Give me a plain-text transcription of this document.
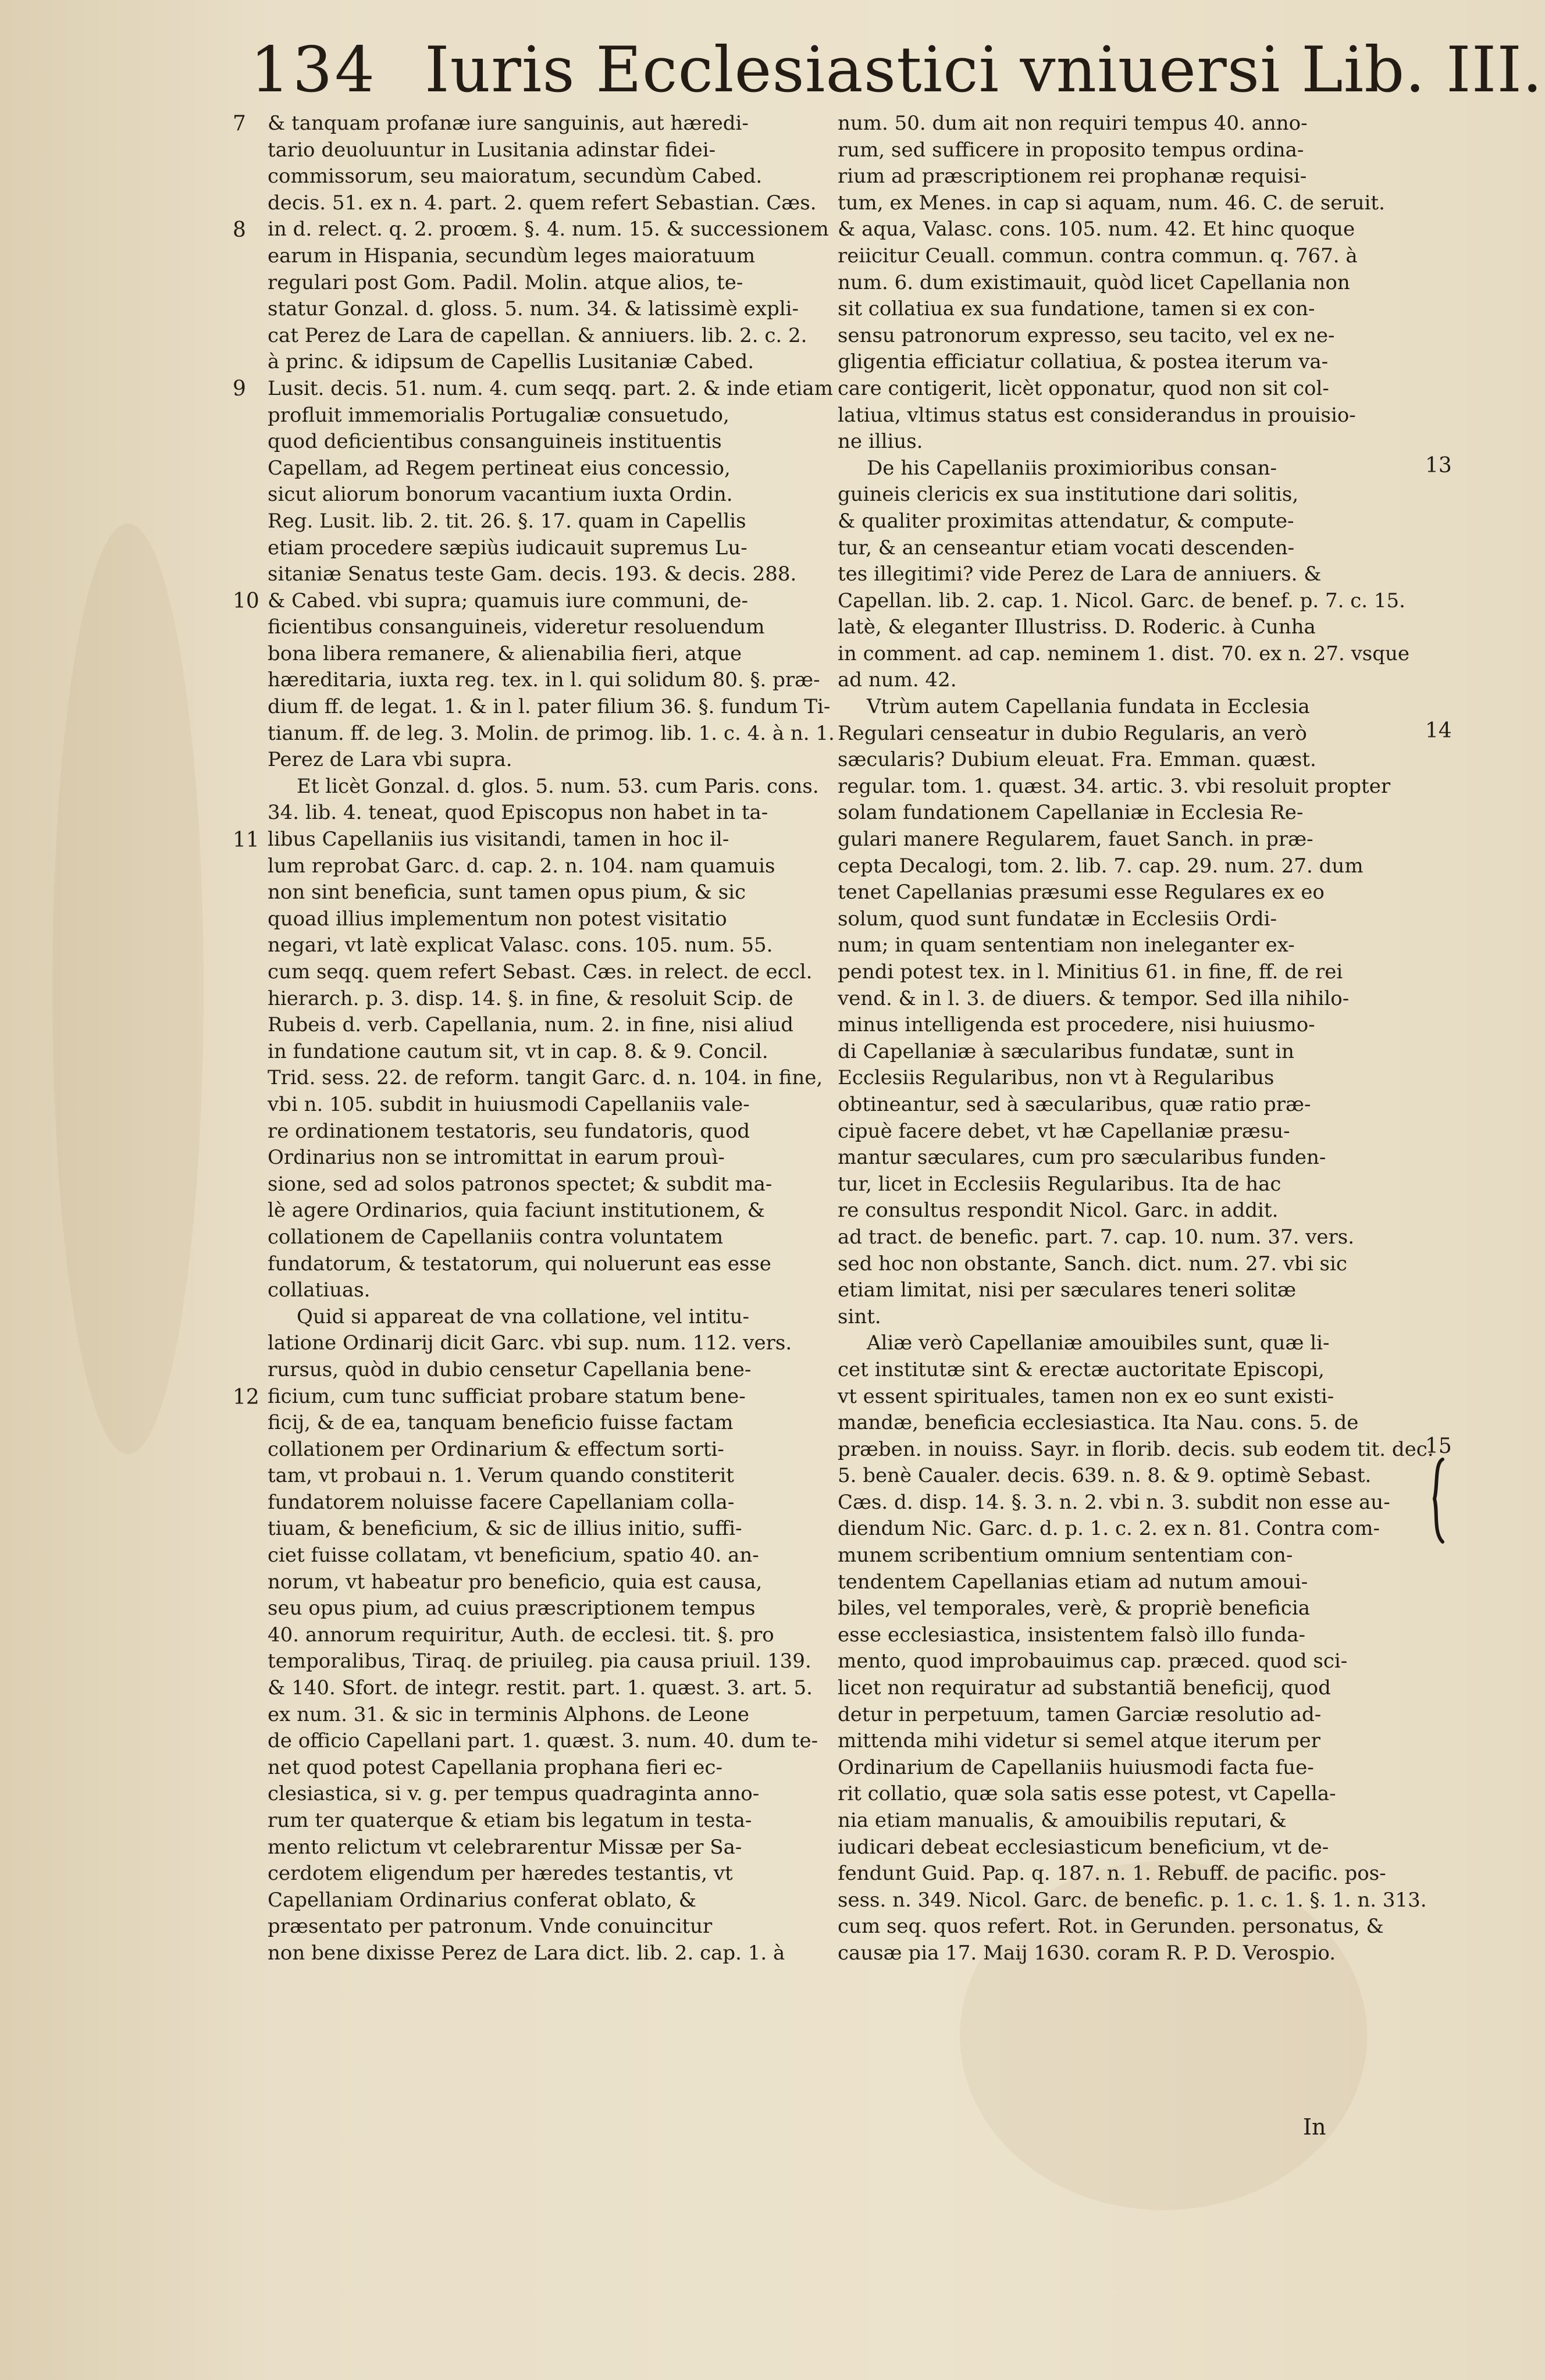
134 Iuris Ecclesiastici vniuersi Lib. III.
& tanquam profanæ iure sanguinis, aut hæredi-
tario deuoluuntur in Lusitania adinstar fidei-
commissorum, seu maioratum, secundùm Cabed.
decis. 51. ex n. 4. part. 2. quem refert Sebastian. Cæs.
in d. relect. q. 2. proœm. §. 4. num. 15. & successionem
earum in Hispania, secundùm leges maioratuum
regulari post Gom. Padil. Molin. atque alios, te-
statur Gonzal. d. gloss. 5. num. 34. & latissimè expli-
cat Perez de Lara de capellan. & anniuers. lib. 2. c. 2.
à princ. & idipsum de Capellis Lusitaniæ Cabed.
Lusit. decis. 51. num. 4. cum seqq. part. 2. & inde etiam
profluit immemorialis Portugaliæ consuetudo,
quod deficientibus consanguineis instituentis
Capellam, ad Regem pertineat eius concessio,
sicut aliorum bonorum vacantium iuxta Ordin.
Reg. Lusit. lib. 2. tit. 26. §. 17. quam in Capellis
etiam procedere sæpiùs iudicauit supremus Lu-
sitaniæ Senatus teste Gam. decis. 193. & decis. 288.
& Cabed. vbi supra; quamuis iure communi, de-
ficientibus consanguineis, videretur resoluendum
bona libera remanere, & alienabilia fieri, atque
hæreditaria, iuxta reg. tex. in l. qui solidum 80. §. præ-
dium ff. de legat. 1. & in l. pater filium 36. §. fundum Ti-
tianum. ff. de leg. 3. Molin. de primog. lib. 1. c. 4. à n. 1.
Perez de Lara vbi supra.
Et licèt Gonzal. d. glos. 5. num. 53. cum Paris. cons.
34. lib. 4. teneat, quod Episcopus non habet in ta-
libus Capellaniis ius visitandi, tamen in hoc il-
lum reprobat Garc. d. cap. 2. n. 104. nam quamuis
non sint beneficia, sunt tamen opus pium, & sic
quoad illius implementum non potest visitatio
negari, vt latè explicat Valasc. cons. 105. num. 55.
cum seqq. quem refert Sebast. Cæs. in relect. de eccl.
hierarch. p. 3. disp. 14. §. in fine, & resoluit Scip. de
Rubeis d. verb. Capellania, num. 2. in fine, nisi aliud
in fundatione cautum sit, vt in cap. 8. & 9. Concil.
Trid. sess. 22. de reform. tangit Garc. d. n. 104. in fine,
vbi n. 105. subdit in huiusmodi Capellaniis vale-
re ordinationem testatoris, seu fundatoris, quod
Ordinarius non se intromittat in earum prouì-
sione, sed ad solos patronos spectet; & subdit ma-
lè agere Ordinarios, quia faciunt institutionem, &
collationem de Capellaniis contra voluntatem
fundatorum, & testatorum, qui noluerunt eas esse
collatiuas.
Quid si appareat de vna collatione, vel intitu-
latione Ordinarij dicit Garc. vbi sup. num. 112. vers.
rursus, quòd in dubio censetur Capellania bene-
ficium, cum tunc sufficiat probare statum bene-
ficij, & de ea, tanquam beneficio fuisse factam
collationem per Ordinarium & effectum sorti-
tam, vt probaui n. 1. Verum quando constiterit
fundatorem noluisse facere Capellaniam colla-
tiuam, & beneficium, & sic de illius initio, suffi-
ciet fuisse collatam, vt beneficium, spatio 40. an-
norum, vt habeatur pro beneficio, quia est causa,
seu opus pium, ad cuius præscriptionem tempus
40. annorum requiritur, Auth. de ecclesi. tit. §. pro
temporalibus, Tiraq. de priuileg. pia causa priuil. 139.
& 140. Sfort. de integr. restit. part. 1. quæst. 3. art. 5.
ex num. 31. & sic in terminis Alphons. de Leone
de officio Capellani part. 1. quæst. 3. num. 40. dum te-
net quod potest Capellania prophana fieri ec-
clesiastica, si v. g. per tempus quadraginta anno-
rum ter quaterque & etiam bis legatum in testa-
mento relictum vt celebrarentur Missæ per Sa-
cerdotem eligendum per hæredes testantis, vt
Capellaniam Ordinarius conferat oblato, &
præsentato per patronum. Vnde conuincitur
non bene dixisse Perez de Lara dict. lib. 2. cap. 1. à
num. 50. dum ait non requiri tempus 40. anno-
rum, sed sufficere in proposito tempus ordina-
rium ad præscriptionem rei prophanæ requisi-
tum, ex Menes. in cap si aquam, num. 46. C. de seruit.
& aqua, Valasc. cons. 105. num. 42. Et hinc quoque
reiicitur Ceuall. commun. contra commun. q. 767. à
num. 6. dum existimauit, quòd licet Capellania non
sit collatiua ex sua fundatione, tamen si ex con-
sensu patronorum expresso, seu tacito, vel ex ne-
gligentia efficiatur collatiua, & postea iterum va-
care contigerit, licèt opponatur, quod non sit col-
latiua, vltimus status est considerandus in prouisio-
ne illius.
De his Capellaniis proximioribus consan-
guineis clericis ex sua institutione dari solitis,
& qualiter proximitas attendatur, & compute-
tur, & an censeantur etiam vocati descenden-
tes illegitimi? vide Perez de Lara de anniuers. &
Capellan. lib. 2. cap. 1. Nicol. Garc. de benef. p. 7. c. 15.
latè, & eleganter Illustriss. D. Roderic. à Cunha
in comment. ad cap. neminem 1. dist. 70. ex n. 27. vsque
ad num. 42.
Vtrùm autem Capellania fundata in Ecclesia
Regulari censeatur in dubio Regularis, an verò
sæcularis? Dubium eleuat. Fra. Emman. quæst.
regular. tom. 1. quæst. 34. artic. 3. vbi resoluit propter
solam fundationem Capellaniæ in Ecclesia Re-
gulari manere Regularem, fauet Sanch. in præ-
cepta Decalogi, tom. 2. lib. 7. cap. 29. num. 27. dum
tenet Capellanias præsumi esse Regulares ex eo
solum, quod sunt fundatæ in Ecclesiis Ordi-
num; in quam sententiam non ineleganter ex-
pendi potest tex. in l. Minitius 61. in fine, ff. de rei
vend. & in l. 3. de diuers. & tempor. Sed illa nihilo-
minus intelligenda est procedere, nisi huiusmo-
di Capellaniæ à sæcularibus fundatæ, sunt in
Ecclesiis Regularibus, non vt à Regularibus
obtineantur, sed à sæcularibus, quæ ratio præ-
cipuè facere debet, vt hæ Capellaniæ præsu-
mantur sæculares, cum pro sæcularibus funden-
tur, licet in Ecclesiis Regularibus. Ita de hac
re consultus respondit Nicol. Garc. in addit.
ad tract. de benefic. part. 7. cap. 10. num. 37. vers.
sed hoc non obstante, Sanch. dict. num. 27. vbi sic
etiam limitat, nisi per sæculares teneri solitæ
sint.
Aliæ verò Capellaniæ amouibiles sunt, quæ li-
cet institutæ sint & erectæ auctoritate Episcopi,
vt essent spirituales, tamen non ex eo sunt existi-
mandæ, beneficia ecclesiastica. Ita Nau. cons. 5. de
præben. in nouiss. Sayr. in florib. decis. sub eodem tit. dec.
5. benè Caualer. decis. 639. n. 8. & 9. optimè Sebast.
Cæs. d. disp. 14. §. 3. n. 2. vbi n. 3. subdit non esse au-
diendum Nic. Garc. d. p. 1. c. 2. ex n. 81. Contra com-
munem scribentium omnium sententiam con-
tendentem Capellanias etiam ad nutum amoui-
biles, vel temporales, verè, & propriè beneficia
esse ecclesiastica, insistentem falsò illo funda-
mento, quod improbauimus cap. præced. quod sci-
licet non requiratur ad substantiã beneficij, quod
detur in perpetuum, tamen Garciæ resolutio ad-
mittenda mihi videtur si semel atque iterum per
Ordinarium de Capellaniis huiusmodi facta fue-
rit collatio, quæ sola satis esse potest, vt Capella-
nia etiam manualis, & amouibilis reputari, &
iudicari debeat ecclesiasticum beneficium, vt de-
fendunt Guid. Pap. q. 187. n. 1. Rebuff. de pacific. pos-
sess. n. 349. Nicol. Garc. de benefic. p. 1. c. 1. §. 1. n. 313.
cum seq. quos refert. Rot. in Gerunden. personatus, &
causæ pia 17. Maij 1630. coram R. P. D. Verospio.
7
8
9
10
11
12
13
14
15
In
